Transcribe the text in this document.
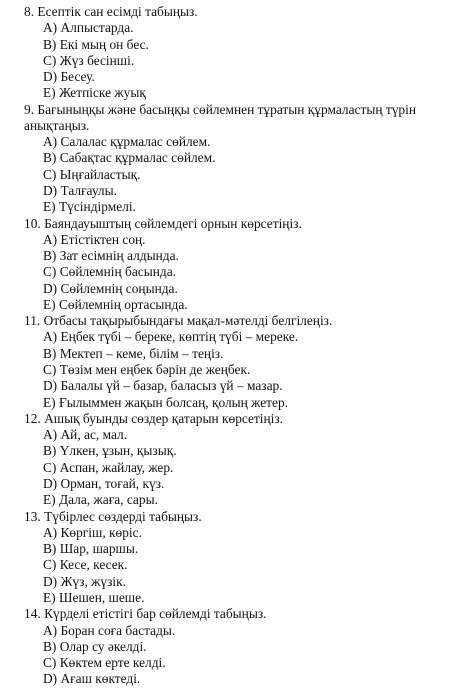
8. Есептік сан есімді табыңыз.
А) Алпыстарда.
В) Екі мың он бес.
С) Жүз бесінші.
D) Бесеу.
Е) Жетпіске жуық
9. Бағыныңқы және басыңқы сөйлемнен тұратын құрмаластың түрін анықтаңыз.
А) Салалас құрмалас сөйлем.
В) Сабақтас құрмалас сөйлем.
С) Ыңғайластық.
D) Талғаулы.
Е) Түсіндірмелі.
10. Баяндауыштың сөйлемдегі орнын көрсетіңіз.
А) Етістіктен соң.
В) Зат есімнің алдында.
С) Сөйлемнің басында.
D) Сөйлемнің соңында.
Е) Сөйлемнің ортасында.
11. Отбасы тақырыбындағы мақал-мәтелді белгілеңіз.
А) Еңбек түбі – береке, көптің түбі – мереке.
В) Мектеп – кеме, білім – теңіз.
С) Төзім мен еңбек бәрін де жеңбек.
D) Балалы үй – базар, баласыз үй – мазар.
Е) Ғылыммен жақын болсаң, қолың жетер.
12. Ашық буынды сөздер қатарын көрсетіңіз.
А) Ай, ас, мал.
В) Үлкен, ұзын, қызық.
С) Аспан, жайлау, жер.
D) Орман, тоғай, күз.
Е) Дала, жаға, сары.
13. Түбірлес сөздерді табыңыз.
А) Көргіш, көріс.
В) Шар, шаршы.
С) Кесе, кесек.
D) Жүз, жүзік.
Е) Шешен, шеше.
14. Күрделі етістігі бар сөйлемді табыңыз.
А) Боран соға бастады.
В) Олар су әкелді.
С) Көктем ерте келді.
D) Ағаш көктеді.
